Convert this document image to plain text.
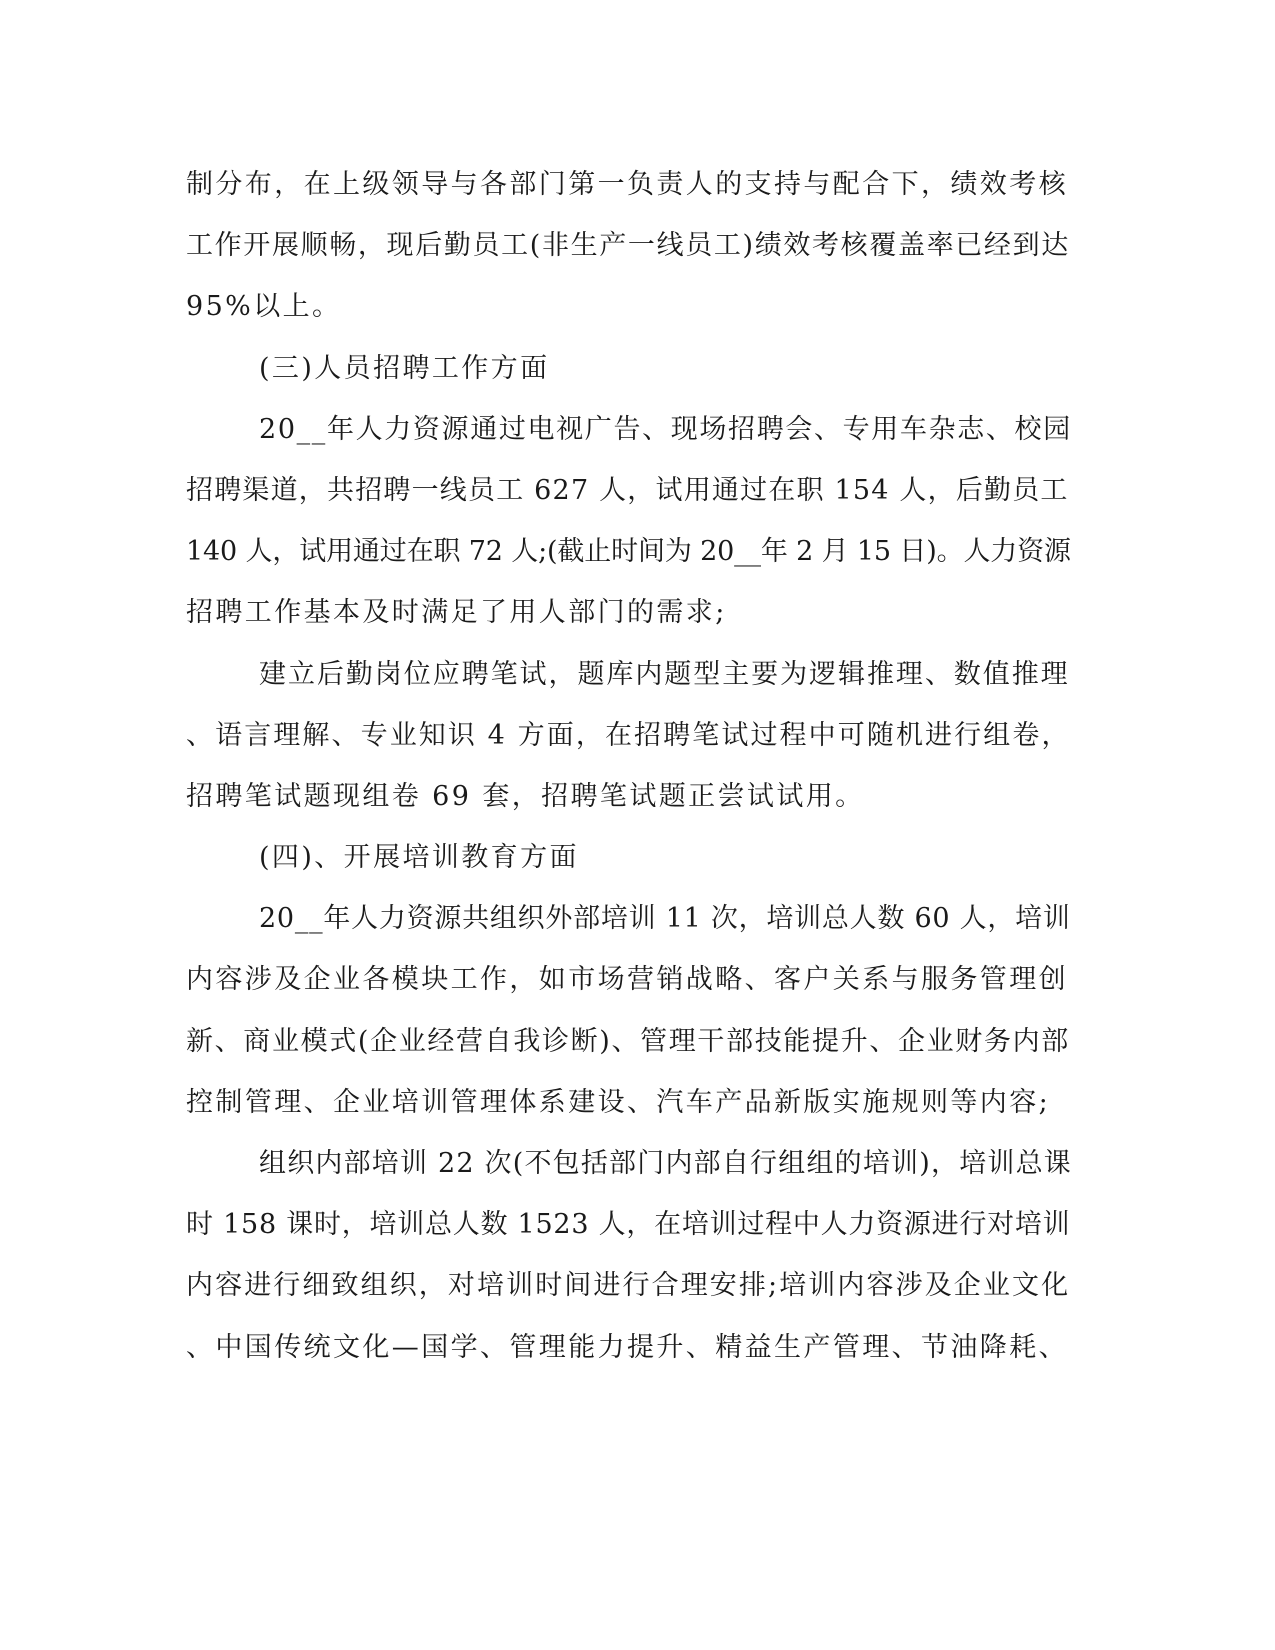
制分布，在上级领导与各部门第一负责人的支持与配合下，绩效考核
工作开展顺畅，现后勤员工(非生产一线员工)绩效考核覆盖率已经到达
95%以上。
(三)人员招聘工作方面
20__年人力资源通过电视广告、现场招聘会、专用车杂志、校园
招聘渠道，共招聘一线员工 627 人，试用通过在职 154 人，后勤员工
140 人，试用通过在职 72 人;(截止时间为 20__年 2 月 15 日)。人力资源
招聘工作基本及时满足了用人部门的需求;
建立后勤岗位应聘笔试，题库内题型主要为逻辑推理、数值推理
、语言理解、专业知识 4 方面，在招聘笔试过程中可随机进行组卷，
招聘笔试题现组卷 69 套，招聘笔试题正尝试试用。
(四)、开展培训教育方面
20__年人力资源共组织外部培训 11 次，培训总人数 60 人，培训
内容涉及企业各模块工作，如市场营销战略、客户关系与服务管理创
新、商业模式(企业经营自我诊断)、管理干部技能提升、企业财务内部
控制管理、企业培训管理体系建设、汽车产品新版实施规则等内容;
组织内部培训 22 次(不包括部门内部自行组组的培训)，培训总课
时 158 课时，培训总人数 1523 人，在培训过程中人力资源进行对培训
内容进行细致组织，对培训时间进行合理安排;培训内容涉及企业文化
、中国传统文化—国学、管理能力提升、精益生产管理、节油降耗、
